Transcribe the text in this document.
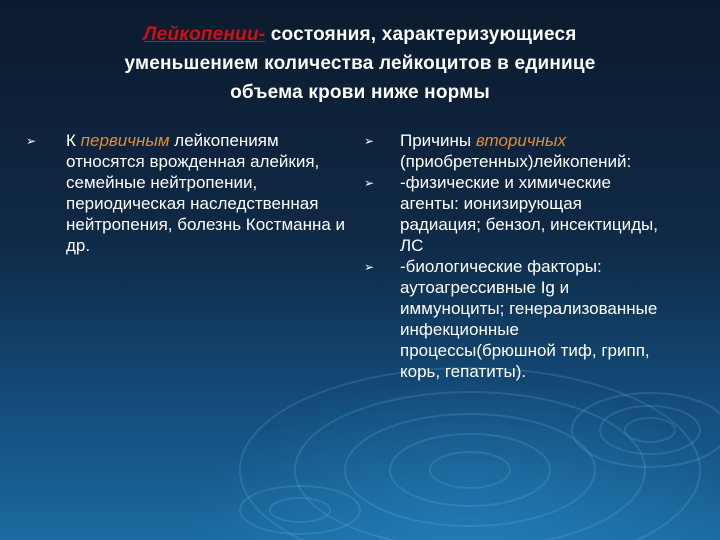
Лейкопении- состояния, характеризующиеся
уменьшением количества лейкоцитов в единице
объема крови ниже нормы
➢ К первичным лейкопениям относятся врожденная алейкия, семейные нейтропении, периодическая наследственная нейтропения, болезнь Костманна и др.
➢ Причины вторичных (приобретенных)лейкопений:
➢ -физические и химические агенты: ионизирующая радиация; бензол, инсектициды, ЛС
➢ -биологические факторы: аутоагрессивные Ig и иммуноциты; генерализованные инфекционные процессы(брюшной тиф, грипп, корь, гепатиты).
